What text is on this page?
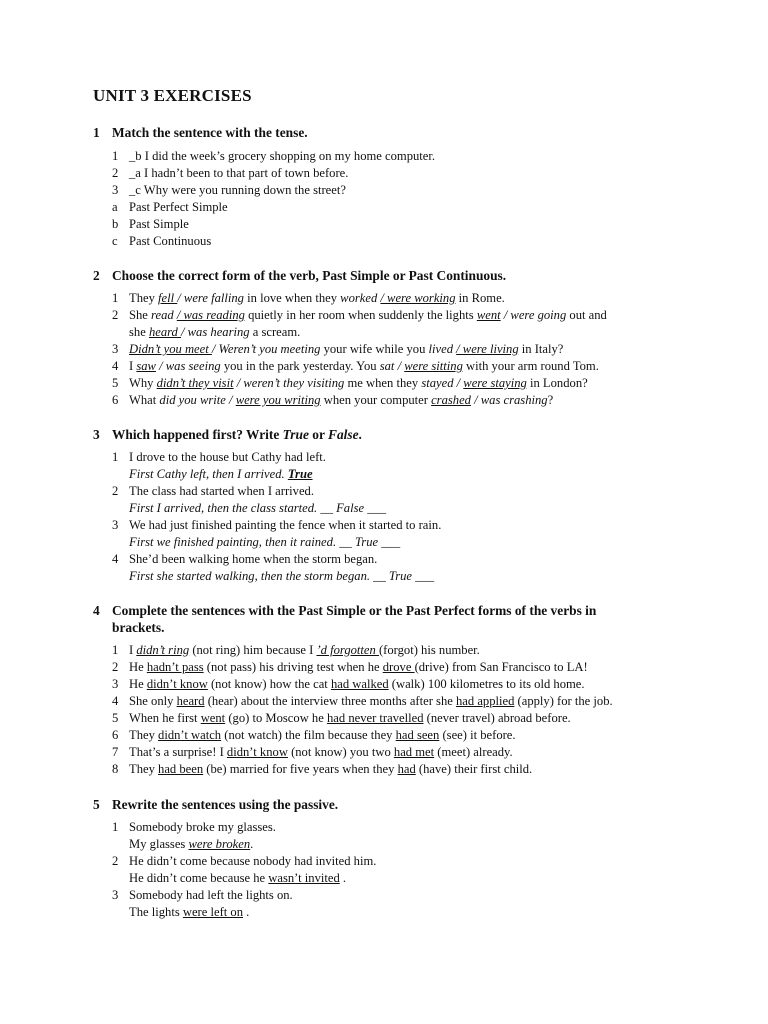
UNIT 3 EXERCISES
1 Match the sentence with the tense.
1 _b I did the week’s grocery shopping on my home computer.
2 _a I hadn’t been to that part of town before.
3 _c Why were you running down the street?
a Past Perfect Simple
b Past Simple
c Past Continuous
2 Choose the correct form of the verb, Past Simple or Past Continuous.
1 They fell / were falling in love when they worked / were working in Rome.
2 She read / was reading quietly in her room when suddenly the lights went / were going out and
she heard / was hearing a scream.
3 Didn’t you meet / Weren’t you meeting your wife while you lived / were living in Italy?
4 I saw / was seeing you in the park yesterday. You sat / were sitting with your arm round Tom.
5 Why didn’t they visit / weren’t they visiting me when they stayed / were staying in London?
6 What did you write / were you writing when your computer crashed / was crashing?
3 Which happened first? Write True or False.
1 I drove to the house but Cathy had left.
First Cathy left, then I arrived. True
2 The class had started when I arrived.
First I arrived, then the class started. __ False ___
3 We had just finished painting the fence when it started to rain.
First we finished painting, then it rained. __ True ___
4 She’d been walking home when the storm began.
First she started walking, then the storm began. __ True ___
4 Complete the sentences with the Past Simple or the Past Perfect forms of the verbs in
brackets.
1 I didn’t ring (not ring) him because I ’d forgotten (forgot) his number.
2 He hadn’t pass (not pass) his driving test when he drove (drive) from San Francisco to LA!
3 He didn’t know (not know) how the cat had walked (walk) 100 kilometres to its old home.
4 She only heard (hear) about the interview three months after she had applied (apply) for the job.
5 When he first went (go) to Moscow he had never travelled (never travel) abroad before.
6 They didn’t watch (not watch) the film because they had seen (see) it before.
7 That’s a surprise! I didn’t know (not know) you two had met (meet) already.
8 They had been (be) married for five years when they had (have) their first child.
5 Rewrite the sentences using the passive.
1 Somebody broke my glasses.
My glasses were broken.
2 He didn’t come because nobody had invited him.
He didn’t come because he wasn’t invited .
3 Somebody had left the lights on.
The lights were left on .
